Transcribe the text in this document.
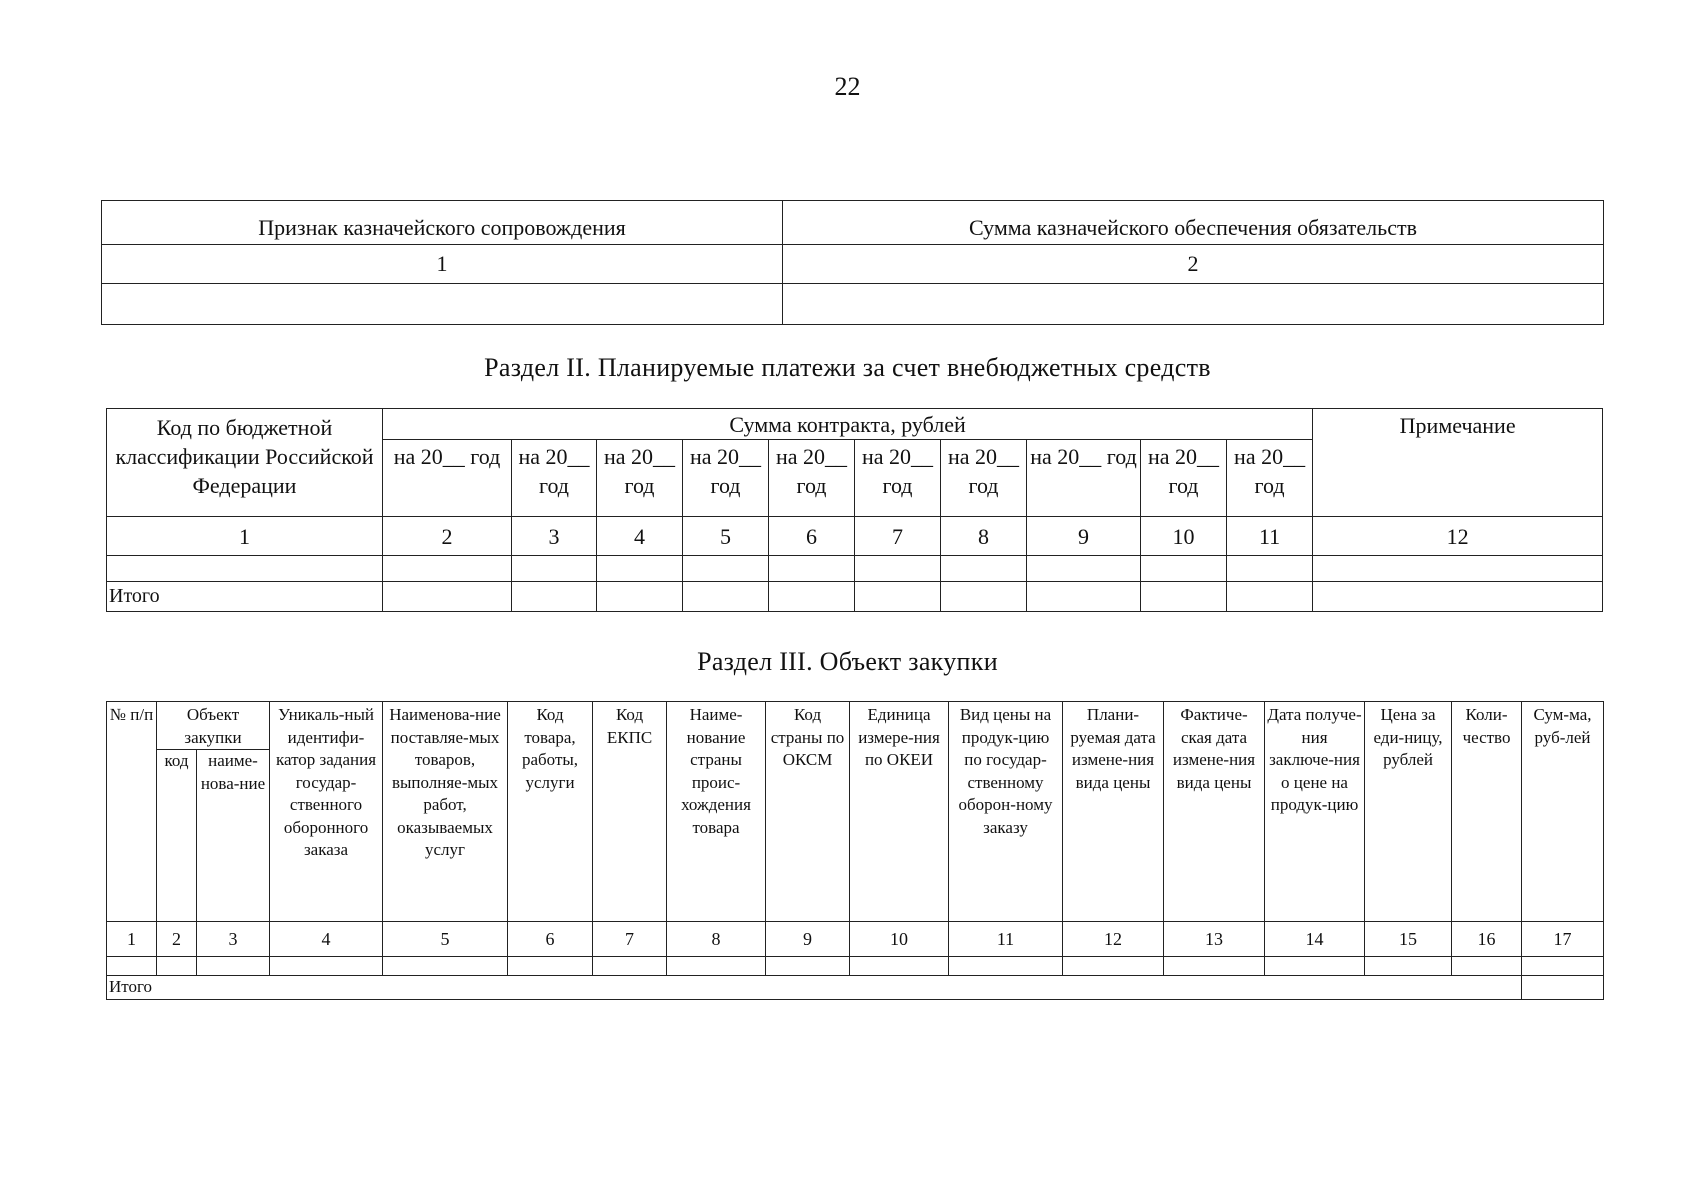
22
Признак казначейского сопровождения	Сумма казначейского обеспечения обязательств
1	2

Раздел II. Планируемые платежи за счет внебюджетных средств
Код по бюджетной классификации Российской Федерации	Сумма контракта, рублей										Примечание
	на 20__ год	на 20__ год	на 20__ год	на 20__ год	на 20__ год	на 20__ год	на 20__ год	на 20__ год	на 20__ год	на 20__ год	
1	2	3	4	5	6	7	8	9	10	11	12

Итого											
Раздел III. Объект закупки
№ п/п	Объект закупки		Уникаль-ный идентифи-катор задания государ-ственного оборонного заказа	Наименова-ние поставляе-мых товаров, выполняе-мых работ, оказываемых услуг	Код товара, работы, услуги	Код ЕКПС	Наиме-нование страны проис-хождения товара	Код страны по ОКСМ	Единица измере-ния по ОКЕИ	Вид цены на продук-цию по государ-ственному оборон-ному заказу	Плани-руемая дата измене-ния вида цены	Фактиче-ская дата измене-ния вида цены	Дата получе-ния заключе-ния о цене на продук-цию	Цена за еди-ницу, рублей	Коли-чество	Сум-ма, руб-лей
	код	наиме-нова-ние														
1	2	3	4	5	6	7	8	9	10	11	12	13	14	15	16	17

Итого																
